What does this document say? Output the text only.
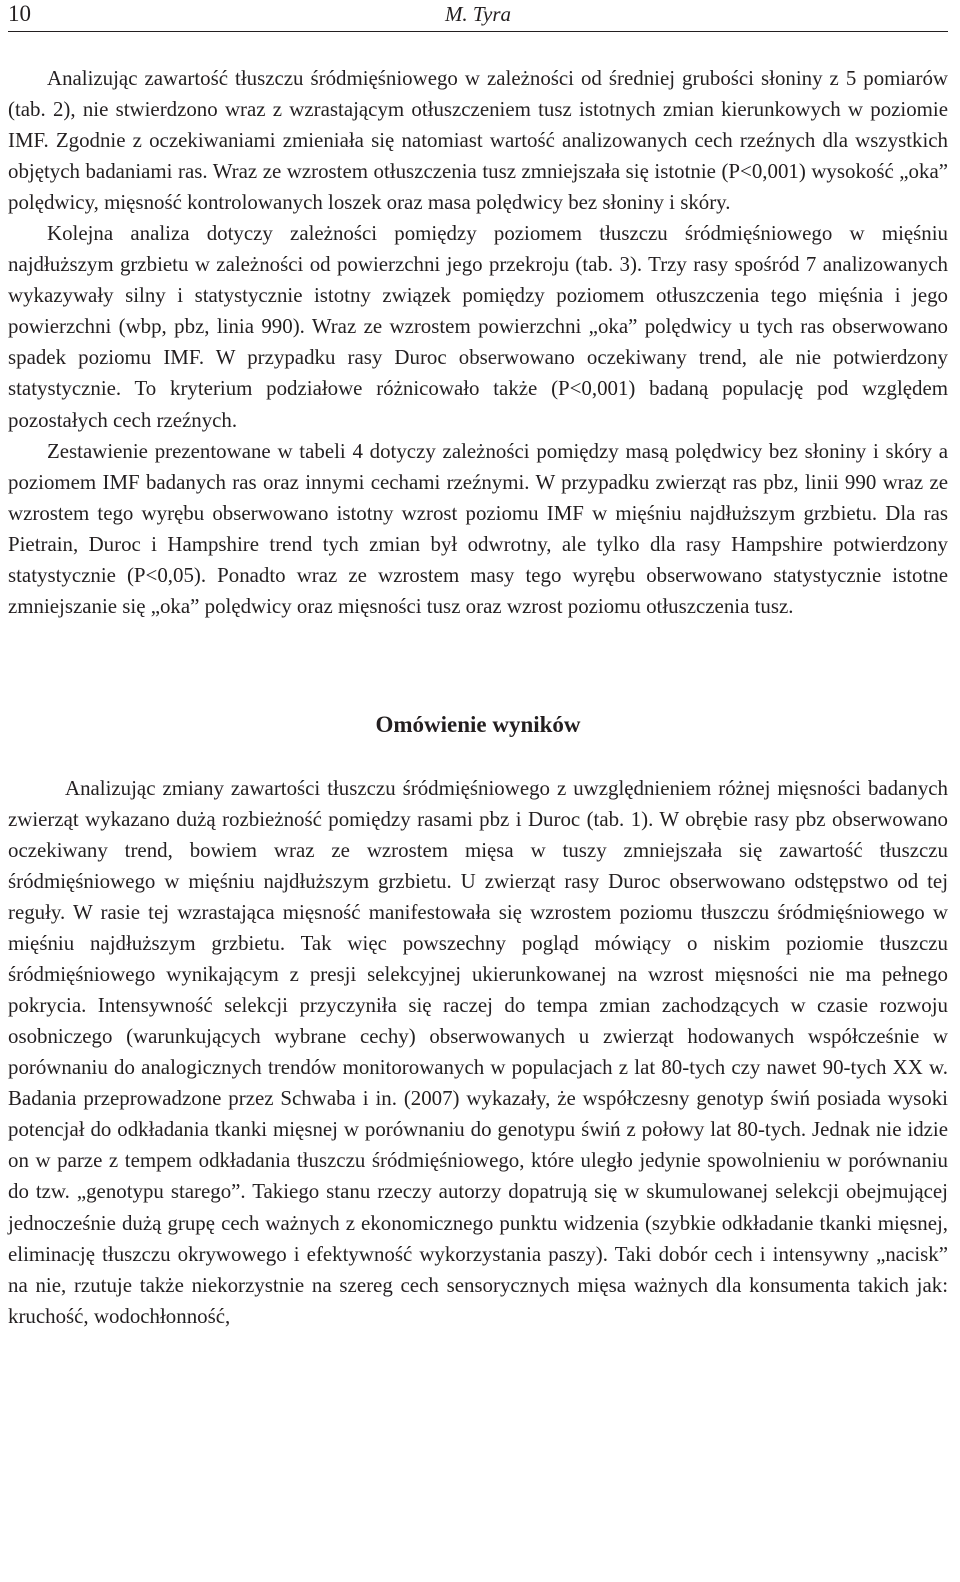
10	M. Tyra

Analizując zawartość tłuszczu śródmięśniowego w zależności od średniej grubości słoniny z 5 pomiarów (tab. 2), nie stwierdzono wraz z wzrastającym otłuszczeniem tusz istotnych zmian kierunkowych w poziomie IMF. Zgodnie z oczekiwaniami zmieniała się natomiast wartość analizowanych cech rzeźnych dla wszystkich objętych badaniami ras. Wraz ze wzrostem otłuszczenia tusz zmniejszała się istotnie (P<0,001) wysokość „oka” polędwicy, mięsność kontrolowanych loszek oraz masa polędwicy bez słoniny i skóry.

Kolejna analiza dotyczy zależności pomiędzy poziomem tłuszczu śródmięśniowego w mięśniu najdłuższym grzbietu w zależności od powierzchni jego przekroju (tab. 3). Trzy rasy spośród 7 analizowanych wykazywały silny i statystycznie istotny związek pomiędzy poziomem otłuszczenia tego mięśnia i jego powierzchni (wbp, pbz, linia 990). Wraz ze wzrostem powierzchni „oka” polędwicy u tych ras obserwowano spadek poziomu IMF. W przypadku rasy Duroc obserwowano oczekiwany trend, ale nie potwierdzony statystycznie. To kryterium podziałowe różnicowało także (P<0,001) badaną populację pod względem pozostałych cech rzeźnych.

Zestawienie prezentowane w tabeli 4 dotyczy zależności pomiędzy masą polędwicy bez słoniny i skóry a poziomem IMF badanych ras oraz innymi cechami rzeźnymi. W przypadku zwierząt ras pbz, linii 990 wraz ze wzrostem tego wyrębu obserwowano istotny wzrost poziomu IMF w mięśniu najdłuższym grzbietu. Dla ras Pietrain, Duroc i Hampshire trend tych zmian był odwrotny, ale tylko dla rasy Hampshire potwierdzony statystycznie (P<0,05). Ponadto wraz ze wzrostem masy tego wyrębu obserwowano statystycznie istotne zmniejszanie się „oka” polędwicy oraz mięsności tusz oraz wzrost poziomu otłuszczenia tusz.

Omówienie wyników

Analizując zmiany zawartości tłuszczu śródmięśniowego z uwzględnieniem różnej mięsności badanych zwierząt wykazano dużą rozbieżność pomiędzy rasami pbz i Duroc (tab. 1). W obrębie rasy pbz obserwowano oczekiwany trend, bowiem wraz ze wzrostem mięsa w tuszy zmniejszała się zawartość tłuszczu śródmięśniowego w mięśniu najdłuższym grzbietu. U zwierząt rasy Duroc obserwowano odstępstwo od tej reguły. W rasie tej wzrastająca mięsność manifestowała się wzrostem poziomu tłuszczu śródmięśniowego w mięśniu najdłuższym grzbietu. Tak więc powszechny pogląd mówiący o niskim poziomie tłuszczu śródmięśniowego wynikającym z presji selekcyjnej ukierunkowanej na wzrost mięsności nie ma pełnego pokrycia. Intensywność selekcji przyczyniła się raczej do tempa zmian zachodzących w czasie rozwoju osobniczego (warunkujących wybrane cechy) obserwowanych u zwierząt hodowanych współcześnie w porównaniu do analogicznych trendów monitorowanych w populacjach z lat 80-tych czy nawet 90-tych XX w. Badania przeprowadzone przez Schwaba i in. (2007) wykazały, że współczesny genotyp świń posiada wysoki potencjał do odkładania tkanki mięsnej w porównaniu do genotypu świń z połowy lat 80-tych. Jednak nie idzie on w parze z tempem odkładania tłuszczu śródmięśniowego, które uległo jedynie spowolnieniu w porównaniu do tzw. „genotypu starego”. Takiego stanu rzeczy autorzy dopatrują się w skumulowanej selekcji obejmującej jednocześnie dużą grupę cech ważnych z ekonomicznego punktu widzenia (szybkie odkładanie tkanki mięsnej, eliminację tłuszczu okrywowego i efektywność wykorzystania paszy). Taki dobór cech i intensywny „nacisk” na nie, rzutuje także niekorzystnie na szereg cech sensorycznych mięsa ważnych dla konsumenta takich jak: kruchość, wodochłonność,
